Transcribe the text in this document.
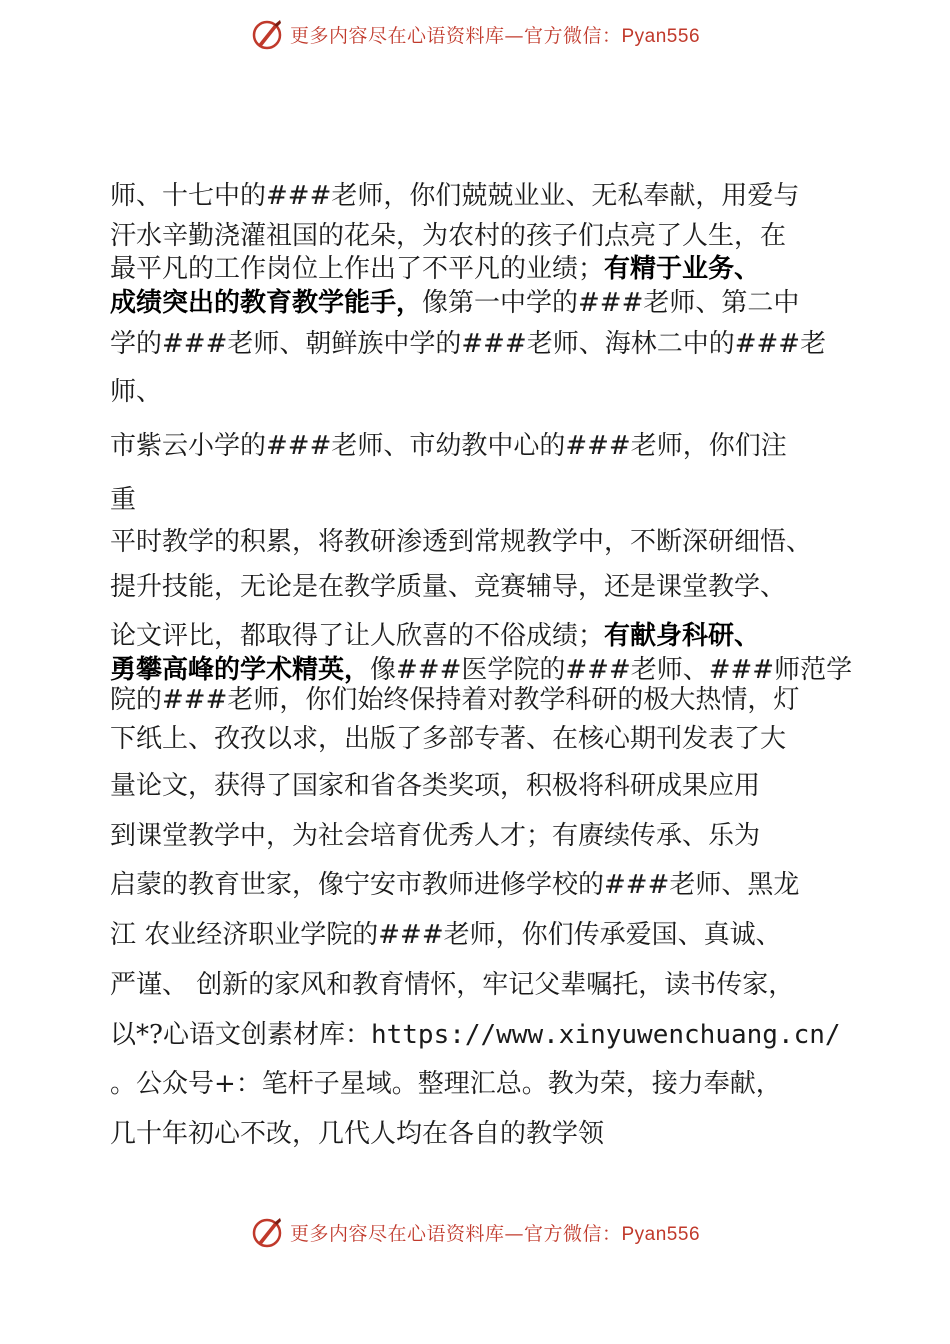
更多内容尽在心语资料库—官方微信：Pyan556
师、十七中的###老师，你们兢兢业业、无私奉献，用爱与
汗水辛勤浇灌祖国的花朵，为农村的孩子们点亮了人生，在
最平凡的工作岗位上作出了不平凡的业绩；有精于业务、
成绩突出的教育教学能手，像第一中学的###老师、第二中
学的###老师、朝鲜族中学的###老师、海林二中的###老
师、
市紫云小学的###老师、市幼教中心的###老师，你们注
重
平时教学的积累，将教研渗透到常规教学中，不断深研细悟、
提升技能，无论是在教学质量、竞赛辅导，还是课堂教学、
论文评比，都取得了让人欣喜的不俗成绩；有献身科研、
勇攀高峰的学术精英，像###医学院的###老师、###师范学
院的###老师，你们始终保持着对教学科研的极大热情，灯
下纸上、孜孜以求，出版了多部专著、在核心期刊发表了大
量论文，获得了国家和省各类奖项，积极将科研成果应用
到课堂教学中，为社会培育优秀人才；有赓续传承、乐为
启蒙的教育世家，像宁安市教师进修学校的###老师、黑龙
江 农业经济职业学院的###老师，你们传承爱国、真诚、
严谨、 创新的家风和教育情怀，牢记父辈嘱托，读书传家，
以*?心语文创素材库：https://www.xinyuwenchuang.cn/
。公众号+：笔杆子星域。整理汇总。教为荣，接力奉献，
几十年初心不改，几代人均在各自的教学领
更多内容尽在心语资料库—官方微信：Pyan556
